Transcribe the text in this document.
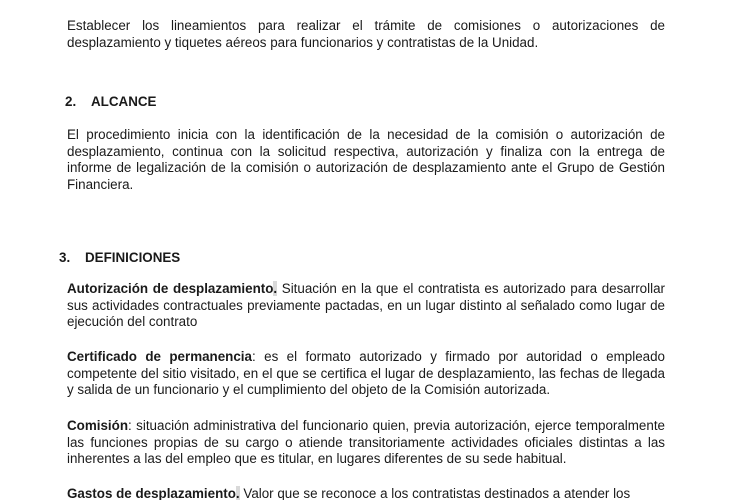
Establecer los lineamientos para realizar el trámite de comisiones o autorizaciones de desplazamiento y tiquetes aéreos para funcionarios y contratistas de la Unidad.
2. ALCANCE
El procedimiento inicia con la identificación de la necesidad de la comisión o autorización de desplazamiento, continua con la solicitud respectiva, autorización y finaliza con la entrega de informe de legalización de la comisión o autorización de desplazamiento ante el Grupo de Gestión Financiera.
3. DEFINICIONES
Autorización de desplazamiento. Situación en la que el contratista es autorizado para desarrollar sus actividades contractuales previamente pactadas, en un lugar distinto al señalado como lugar de ejecución del contrato
Certificado de permanencia: es el formato autorizado y firmado por autoridad o empleado competente del sitio visitado, en el que se certifica el lugar de desplazamiento, las fechas de llegada y salida de un funcionario y el cumplimiento del objeto de la Comisión autorizada.
Comisión: situación administrativa del funcionario quien, previa autorización, ejerce temporalmente las funciones propias de su cargo o atiende transitoriamente actividades oficiales distintas a las inherentes a las del empleo que es titular, en lugares diferentes de su sede habitual.
Gastos de desplazamiento. Valor que se reconoce a los contratistas destinados a atender los
